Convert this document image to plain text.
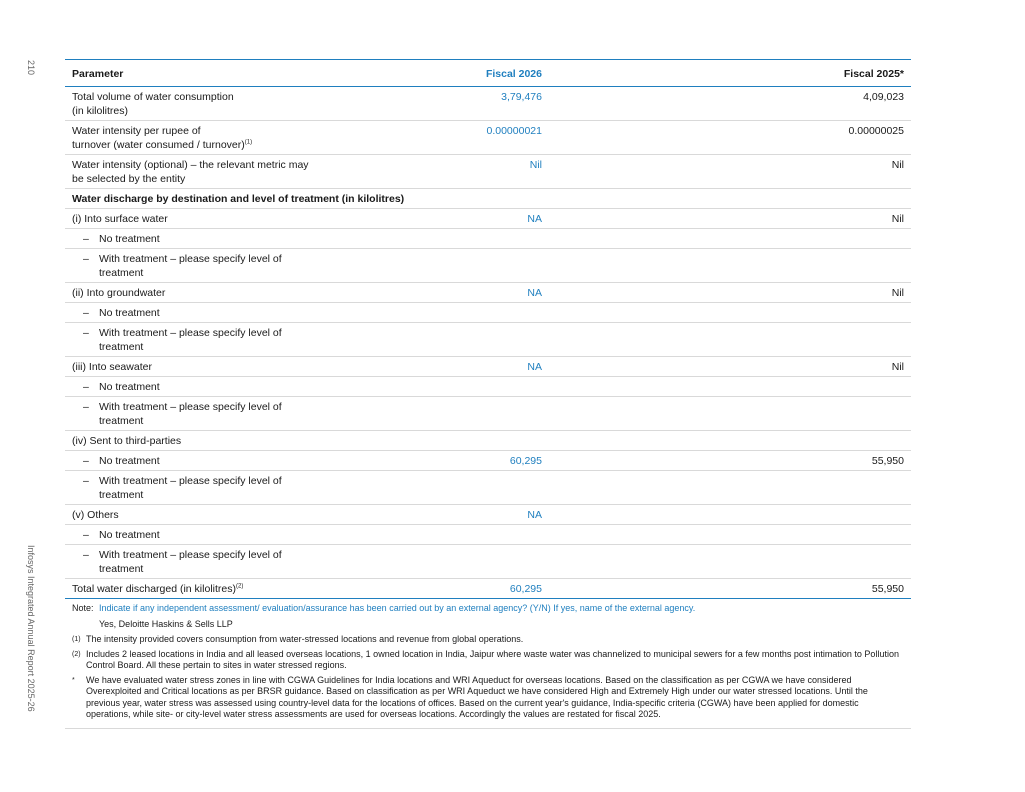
210
Infosys Integrated Annual Report 2025-26
Parameter	Fiscal 2026	Fiscal 2025*
Total volume of water consumption
(in kilolitres)	3,79,476	4,09,023
Water intensity per rupee of
turnover (water consumed / turnover)$^{(1)}$	0.00000021	0.00000025
Water intensity (optional) – the relevant metric may
be selected by the entity	Nil	Nil
Water discharge by destination and level of treatment (in kilolitres)		
(i) Into surface water	NA	Nil
– No treatment		
– With treatment – please specify level of
treatment		
(ii) Into groundwater	NA	Nil
– No treatment		
– With treatment – please specify level of
treatment		
(iii) Into seawater	NA	Nil
– No treatment		
– With treatment – please specify level of
treatment		
(iv) Sent to third-parties		
– No treatment	60,295	55,950
– With treatment – please specify level of
treatment		
(v) Others	NA	
– No treatment		
– With treatment – please specify level of
treatment		
Total water discharged (in kilolitres)$^{(2)}$	60,295	55,950
Note: Indicate if any independent assessment/ evaluation/assurance has been carried out by an external agency? (Y/N) If yes, name of the external agency.
Yes, Deloitte Haskins & Sells LLP
(1) The intensity provided covers consumption from water-stressed locations and revenue from global operations.
(2) Includes 2 leased locations in India and all leased overseas locations, 1 owned location in India, Jaipur where waste water was channelized to municipal sewers for a few months post intimation to Pollution Control Board. All these pertain to sites in water stressed regions.
*	We have evaluated water stress zones in line with CGWA Guidelines for India locations and WRI Aqueduct for overseas locations. Based on the classification as per CGWA we have considered Overexploited and Critical locations as per BRSR guidance. Based on classification as per WRI Aqueduct we have considered High and Extremely High under our water stressed locations. Until the previous year, water stress was assessed using country-level data for the locations of offices. Based on the current year's guidance, India-specific criteria (CGWA) have been applied for domestic operations, while site- or city-level water stress assessments are used for overseas locations. Accordingly the values are restated for fiscal 2025.
